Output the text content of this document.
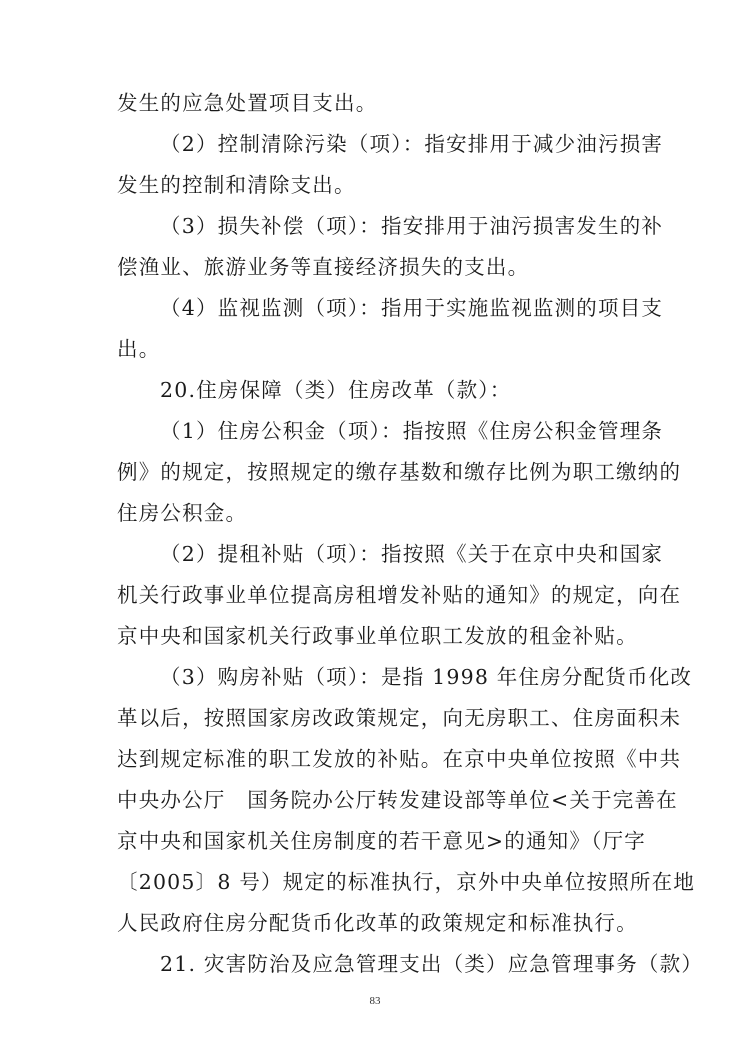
发生的应急处置项目支出。
（2）控制清除污染（项）：指安排用于减少油污损害
发生的控制和清除支出。
（3）损失补偿（项）：指安排用于油污损害发生的补
偿渔业、旅游业务等直接经济损失的支出。
（4）监视监测（项）：指用于实施监视监测的项目支
出。
20.住房保障（类）住房改革（款）：
（1）住房公积金（项）：指按照《住房公积金管理条
例》的规定，按照规定的缴存基数和缴存比例为职工缴纳的
住房公积金。
（2）提租补贴（项）：指按照《关于在京中央和国家
机关行政事业单位提高房租增发补贴的通知》的规定，向在
京中央和国家机关行政事业单位职工发放的租金补贴。
（3）购房补贴（项）：是指 1998 年住房分配货币化改
革以后，按照国家房改政策规定，向无房职工、住房面积未
达到规定标准的职工发放的补贴。在京中央单位按照《中共
中央办公厅　国务院办公厅转发建设部等单位<关于完善在
京中央和国家机关住房制度的若干意见>的通知》（厅字
〔2005〕8 号）规定的标准执行，京外中央单位按照所在地
人民政府住房分配货币化改革的政策规定和标准执行。
21. 灾害防治及应急管理支出（类）应急管理事务（款）
83
